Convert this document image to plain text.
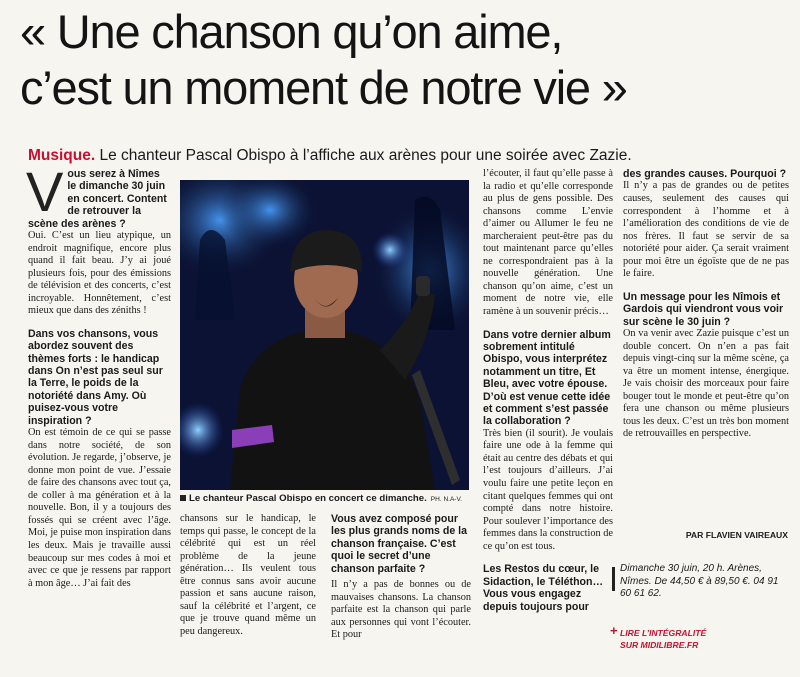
« Une chanson qu’on aime,
c’est un moment de notre vie »
Musique. Le chanteur Pascal Obispo à l’affiche aux arènes pour une soirée avec Zazie.
V ous serez à Nîmes le dimanche 30 juin en concert. Content de retrouver la scène des arènes ?

Oui. C’est un lieu atypique, un endroit magnifique, encore plus quand il fait beau. J’y ai joué plusieurs fois, pour des émissions de télévision et des concerts, c’est incroyable. Honnêtement, c’est mieux que dans des zéniths !

Dans vos chansons, vous abordez souvent des thèmes forts : le handicap dans On n’est pas seul sur la Terre, le poids de la notoriété dans Amy. Où puisez-vous votre inspiration ?

On est témoin de ce qui se passe dans notre société, de son évolution. Je regarde, j’observe, je donne mon point de vue. J’essaie de faire des chansons avec tout ça, de coller à ma génération et à la nouvelle. Bon, il y a toujours des fossés qui se créent avec l’âge. Moi, je puise mon inspiration dans les deux. Mais je travaille aussi beaucoup sur mes codes à moi et avec ce que je ressens par rapport à mon âge… J’ai fait des

Le chanteur Pascal Obispo en concert ce dimanche. PH. N.A-V.

chansons sur le handicap, le temps qui passe, le concept de la célébrité qui est un réel problème de la jeune génération… Ils veulent tous être connus sans avoir aucune passion et sans aucune raison, sauf la célébrité et l’argent, ce que je trouve quand même un peu dangereux.

Vous avez composé pour les plus grands noms de la chanson française. C’est quoi le secret d’une chanson parfaite ?

Il n’y a pas de bonnes ou de mauvaises chansons. La chanson parfaite est la chanson qui parle aux personnes qui vont l’écouter. Et pour

l’écouter, il faut qu’elle passe à la radio et qu’elle corresponde au plus de gens possible. Des chansons comme L’envie d’aimer ou Allumer le feu ne marcheraient peut-être pas du tout maintenant parce qu’elles ne correspondraient pas à la nouvelle génération. Une chanson qu’on aime, c’est un moment de notre vie, elle ramène à un souvenir précis…

Dans votre dernier album sobrement intitulé Obispo, vous interprétez notamment un titre, Et Bleu, avec votre épouse. D’où est venue cette idée et comment s’est passée la collaboration ?

Très bien (il sourit). Je voulais faire une ode à la femme qui était au centre des débats et qui l’est toujours d’ailleurs. J’ai voulu faire une petite leçon en citant quelques femmes qui ont compté dans notre histoire. Pour soulever l’importance des femmes dans la construction de ce qu’on est tous.

Les Restos du cœur, le Sidaction, le Téléthon… Vous vous engagez depuis toujours pour

des grandes causes. Pourquoi ?

Il n’y a pas de grandes ou de petites causes, seulement des causes qui correspondent à l’homme et à l’amélioration des conditions de vie de nos frères. Il faut se servir de sa notoriété pour aider. Ça serait vraiment pour moi être un égoïste que de ne pas le faire.

Un message pour les Nîmois et Gardois qui viendront vous voir sur scène le 30 juin ?

On va venir avec Zazie puisque c’est un double concert. On n’en a pas fait depuis vingt-cinq sur la même scène, ça va être un moment intense, énergique. Je vais choisir des morceaux pour faire bouger tout le monde et peut-être qu’on fera une chanson ou même plusieurs tous les deux. C’est un très bon moment de retrouvailles en perspective.

PAR FLAVIEN VAIREAUX
Dimanche 30 juin, 20 h. Arènes, Nîmes. De 44,50 € à 89,50 €. 04 91 60 61 62.
+ LIRE L’INTÉGRALITÉ
SUR MIDILIBRE.FR
